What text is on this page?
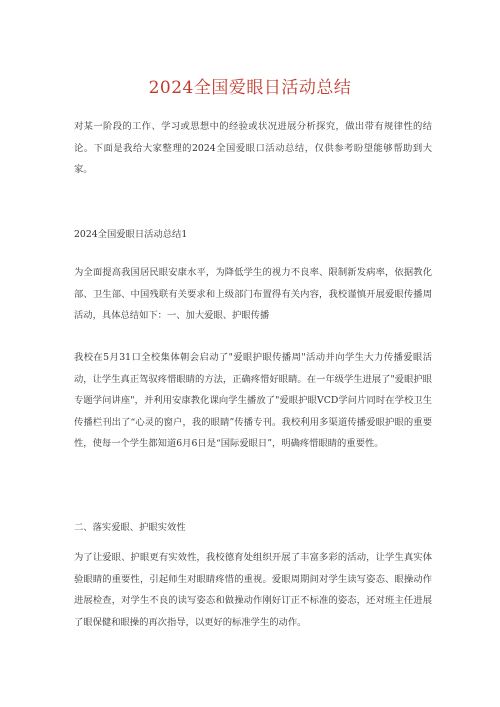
2024全国爱眼日活动总结

对某一阶段的工作、学习或思想中的经验或状况进展分析探究，做出带有规律性的结论。下面是我给大家整理的2024全国爱眼口活动总结，仅供参考盼望能够帮助到大家。

2024全国爱眼日活动总结1

为全面提高我国居民眼安康水平，为降低学生的视力不良率、限制新发病率，依据教化部、卫生部、中国残联有关要求和上级部门布置得有关内容，我校谨慎开展爱眼传播周活动，具体总结如下：一、加大爱眼、护眼传播

我校在5月31口全校集体朝会启动了"爱眼护眼传播周"活动并向学生大力传播爱眼活动，让学生真正驾驭疼惜眼睛的方法，正确疼惜好眼睛。在一年级学生进展了"爱眼护眼专题学问讲座"，并利用安康教化课向学生播放了"爱眼护眼VCD学问片同时在学校卫生传播栏刊出了“心灵的窗户，我的眼睛”传播专刊。我校利用多渠道传播爱眼护眼的重要性，使每一个学生都知道6月6日是“国际爱眼日”，明确疼惜眼睛的重要性。

二、落实爱眼、护眼实效性

为了让爱眼、护眼更有实效性，我校德育处组织开展了丰富多彩的活动，让学生真实体验眼睛的重要性，引起师生对眼睛疼惜的重视。爱眼周期间对学生读写姿态、眼操动作进展检查，对学生不良的读写姿态和做操动作刚好订正不标准的姿态，还对班主任进展了眼保健和眼操的再次指导，以更好的标准学生的动作。
